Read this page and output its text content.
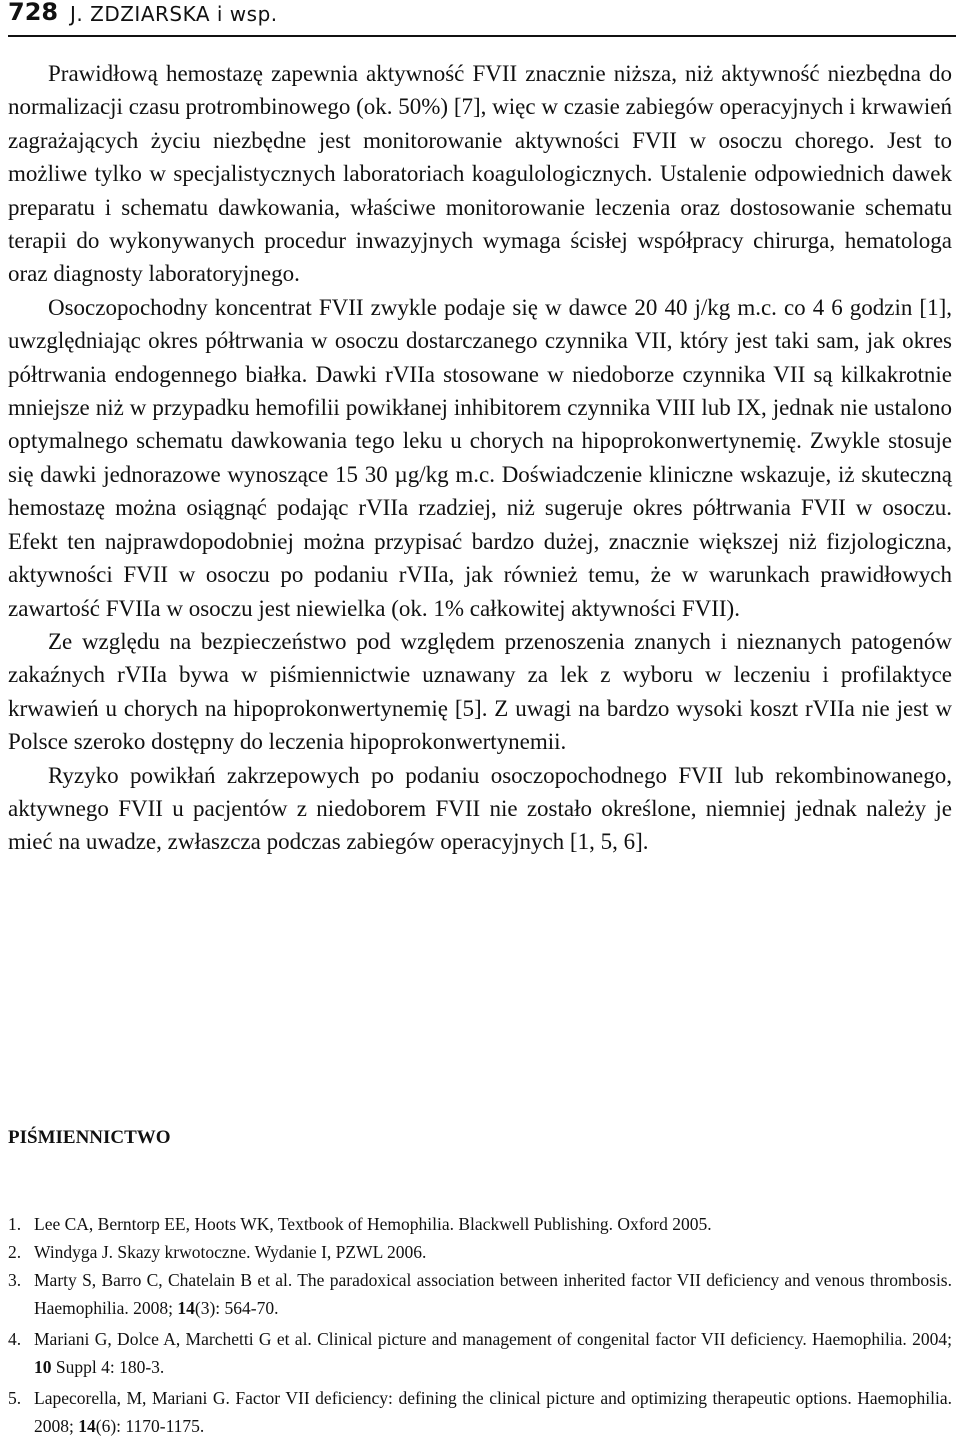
728 J. ZDZIARSKA i wsp.

Prawidłową hemostazę zapewnia aktywność FVII znacznie niższa, niż aktywność niezbędna do normalizacji czasu protrombinowego (ok. 50%) [7], więc w czasie zabiegów operacyjnych i krwawień zagrażających życiu niezbędne jest monitorowanie aktywności FVII w osoczu chorego. Jest to możliwe tylko w specjalistycznych laboratoriach koagulologicznych. Ustalenie odpowiednich dawek preparatu i schematu dawkowania, właściwe monitorowanie leczenia oraz dostosowanie schematu terapii do wykonywanych procedur inwazyjnych wymaga ścisłej współpracy chirurga, hematologa oraz diagnosty laboratoryjnego.

Osoczopochodny koncentrat FVII zwykle podaje się w dawce 20 40 j/kg m.c. co 4 6 godzin [1], uwzględniając okres półtrwania w osoczu dostarczanego czynnika VII, który jest taki sam, jak okres półtrwania endogennego białka. Dawki rVIIa stosowane w niedoborze czynnika VII są kilkakrotnie mniejsze niż w przypadku hemofilii powikłanej inhibitorem czynnika VIII lub IX, jednak nie ustalono optymalnego schematu dawkowania tego leku u chorych na hipoprokonwertynemię. Zwykle stosuje się dawki jednorazowe wynoszące 15 30 µg/kg m.c. Doświadczenie kliniczne wskazuje, iż skuteczną hemostazę można osiągnąć podając rVIIa rzadziej, niż sugeruje okres półtrwania FVII w osoczu. Efekt ten najprawdopodobniej można przypisać bardzo dużej, znacznie większej niż fizjologiczna, aktywności FVII w osoczu po podaniu rVIIa, jak również temu, że w warunkach prawidłowych zawartość FVIIa w osoczu jest niewielka (ok. 1% całkowitej aktywności FVII).

Ze względu na bezpieczeństwo pod względem przenoszenia znanych i nieznanych patogenów zakaźnych rVIIa bywa w piśmiennictwie uznawany za lek z wyboru w leczeniu i profilaktyce krwawień u chorych na hipoprokonwertynemię [5]. Z uwagi na bardzo wysoki koszt rVIIa nie jest w Polsce szeroko dostępny do leczenia hipoprokonwertynemii.

Ryzyko powikłań zakrzepowych po podaniu osoczopochodnego FVII lub rekombinowanego, aktywnego FVII u pacjentów z niedoborem FVII nie zostało określone, niemniej jednak należy je mieć na uwadze, zwłaszcza podczas zabiegów operacyjnych [1, 5, 6].

PIŚMIENNICTWO
1. Lee CA, Berntorp EE, Hoots WK, Textbook of Hemophilia. Blackwell Publishing. Oxford 2005.
2. Windyga J. Skazy krwotoczne. Wydanie I, PZWL 2006.
3. Marty S, Barro C, Chatelain B et al. The paradoxical association between inherited factor VII deficiency and venous thrombosis. Haemophilia. 2008; 14(3): 564-70.
4. Mariani G, Dolce A, Marchetti G et al. Clinical picture and management of congenital factor VII deficiency. Haemophilia. 2004; 10 Suppl 4: 180-3.
5. Lapecorella, M, Mariani G. Factor VII deficiency: defining the clinical picture and optimizing therapeutic options. Haemophilia. 2008; 14(6): 1170-1175.
